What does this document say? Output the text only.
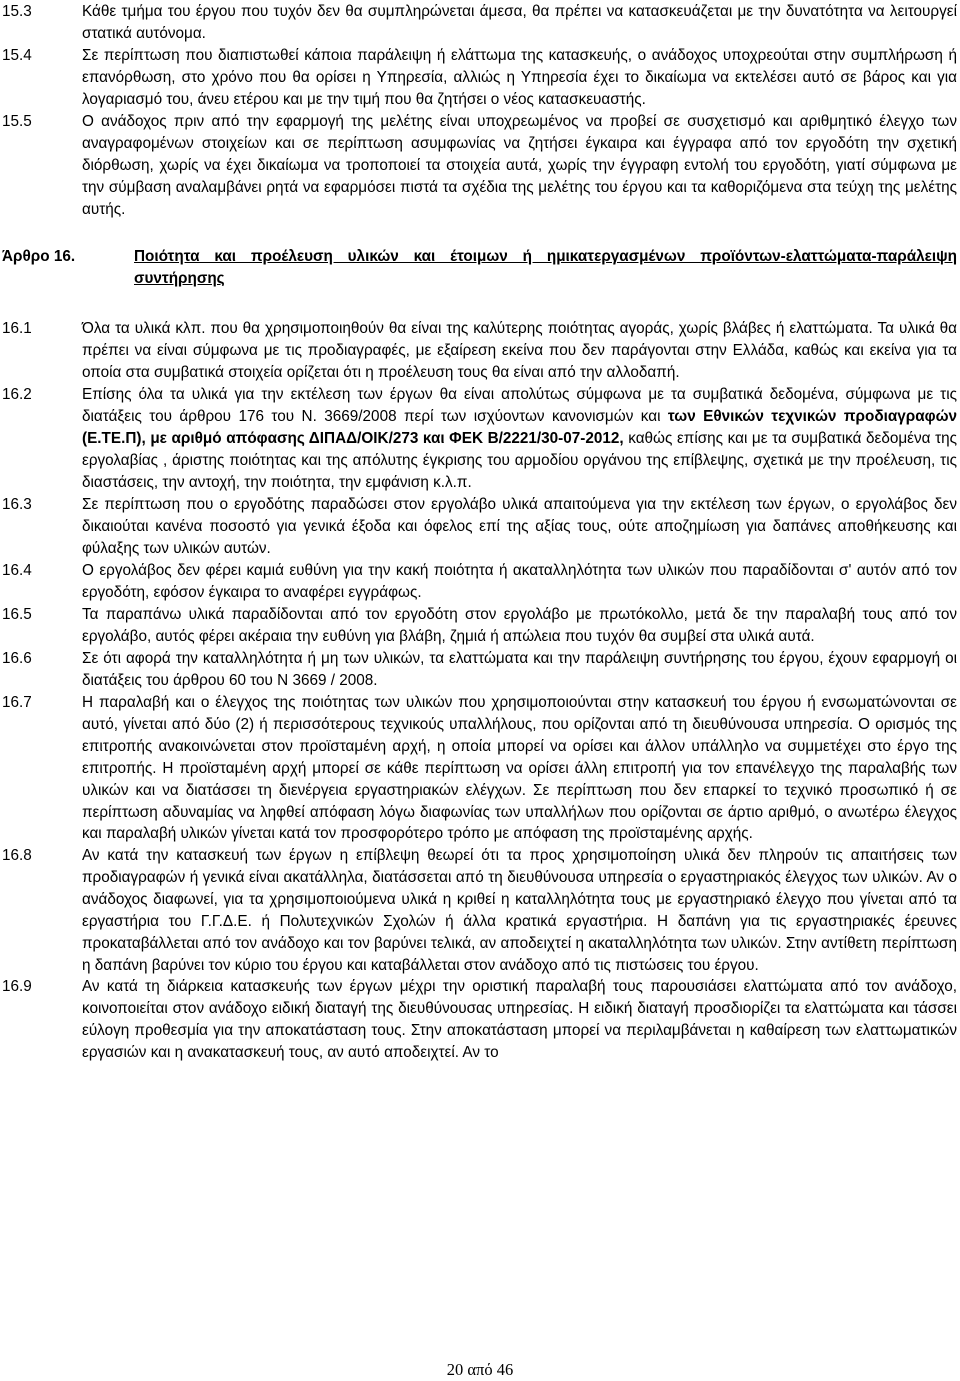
15.3	Κάθε τμήμα του έργου που τυχόν δεν θα συμπληρώνεται άμεσα, θα πρέπει να κατασκευάζεται με την δυνατότητα να λειτουργεί στατικά αυτόνομα.
15.4	Σε περίπτωση που διαπιστωθεί κάποια παράλειψη ή ελάττωμα της κατασκευής, ο ανάδοχος υποχρεούται στην συμπλήρωση ή επανόρθωση, στο χρόνο που θα ορίσει η Υπηρεσία, αλλιώς η Υπηρεσία έχει το δικαίωμα να εκτελέσει αυτό σε βάρος και για λογαριασμό του, άνευ ετέρου και με την τιμή που θα ζητήσει ο νέος κατασκευαστής.
15.5	Ο ανάδοχος πριν από την εφαρμογή της μελέτης είναι υποχρεωμένος να προβεί σε συσχετισμό και αριθμητικό έλεγχο των αναγραφομένων στοιχείων και σε περίπτωση ασυμφωνίας να ζητήσει έγκαιρα και έγγραφα από τον εργοδότη την σχετική διόρθωση, χωρίς να έχει δικαίωμα να τροποποιεί τα στοιχεία αυτά, χωρίς την έγγραφη εντολή του εργοδότη, γιατί σύμφωνα με την σύμβαση αναλαμβάνει ρητά να εφαρμόσει πιστά τα σχέδια της μελέτης του έργου και τα καθοριζόμενα στα τεύχη της μελέτης αυτής.
Άρθρο 16.	Ποιότητα και προέλευση υλικών και έτοιμων ή ημικατεργασμένων προϊόντων-ελαττώματα-παράλειψη συντήρησης
16.1	Όλα τα υλικά κλπ. που θα χρησιμοποιηθούν θα είναι της καλύτερης ποιότητας αγοράς, χωρίς βλάβες ή ελαττώματα. Τα υλικά θα πρέπει να είναι σύμφωνα με τις προδιαγραφές, με εξαίρεση εκείνα που δεν παράγονται στην Ελλάδα, καθώς και εκείνα για τα οποία στα συμβατικά στοιχεία ορίζεται ότι η προέλευση τους θα είναι από την αλλοδαπή.
16.2	Επίσης όλα τα υλικά για την εκτέλεση των έργων θα είναι απολύτως σύμφωνα με τα συμβατικά δεδομένα, σύμφωνα με τις διατάξεις του άρθρου 176 του Ν. 3669/2008 περί των ισχύοντων κανονισμών και των Εθνικών τεχνικών προδιαγραφών (Ε.ΤΕ.Π), με αριθμό απόφασης ΔΙΠΑΔ/ΟΙΚ/273 και ΦΕΚ Β/2221/30-07-2012, καθώς επίσης και με τα συμβατικά δεδομένα της εργολαβίας , άριστης ποιότητας και της απόλυτης έγκρισης του αρμοδίου οργάνου της επίβλεψης, σχετικά με την προέλευση, τις διαστάσεις, την αντοχή, την ποιότητα, την εμφάνιση κ.λ.π.
16.3	Σε περίπτωση που ο εργοδότης παραδώσει στον εργολάβο υλικά απαιτούμενα για την εκτέλεση των έργων, ο εργολάβος δεν δικαιούται κανένα ποσοστό για γενικά έξοδα και όφελος επί της αξίας τους, ούτε αποζημίωση για δαπάνες αποθήκευσης και φύλαξης των υλικών αυτών.
16.4	Ο εργολάβος δεν φέρει καμιά ευθύνη για την κακή ποιότητα ή ακαταλληλότητα των υλικών που παραδίδονται σ' αυτόν από τον εργοδότη, εφόσον έγκαιρα το αναφέρει εγγράφως.
16.5	Τα παραπάνω υλικά παραδίδονται από τον εργοδότη στον εργολάβο με πρωτόκολλο, μετά δε την παραλαβή τους από τον εργολάβο, αυτός φέρει ακέραια την ευθύνη για βλάβη, ζημιά ή απώλεια που τυχόν θα συμβεί στα υλικά αυτά.
16.6	Σε ότι αφορά την καταλληλότητα ή μη των υλικών, τα ελαττώματα και την παράλειψη συντήρησης του έργου, έχουν εφαρμογή οι διατάξεις του άρθρου 60 του Ν 3669 / 2008.
16.7	Η παραλαβή και ο έλεγχος της ποιότητας των υλικών που χρησιμοποιούνται στην κατασκευή του έργου ή ενσωματώνονται σε αυτό, γίνεται από δύο (2) ή περισσότερους τεχνικούς υπαλλήλους, που ορίζονται από τη διευθύνουσα υπηρεσία. Ο ορισμός της επιτροπής ανακοινώνεται στον προϊσταμένη αρχή, η οποία μπορεί να ορίσει και άλλον υπάλληλο να συμμετέχει στο έργο της επιτροπής. Η προϊσταμένη αρχή μπορεί σε κάθε περίπτωση να ορίσει άλλη επιτροπή για τον επανέλεγχο της παραλαβής των υλικών και να διατάσσει τη διενέργεια εργαστηριακών ελέγχων. Σε περίπτωση που δεν επαρκεί το τεχνικό προσωπικό ή σε περίπτωση αδυναμίας να ληφθεί απόφαση λόγω διαφωνίας των υπαλλήλων που ορίζονται σε άρτιο αριθμό, ο ανωτέρω έλεγχος και παραλαβή υλικών γίνεται κατά τον προσφορότερο τρόπο με απόφαση της προϊσταμένης αρχής.
16.8	Αν κατά την κατασκευή των έργων η επίβλεψη θεωρεί ότι τα προς χρησιμοποίηση υλικά δεν πληρούν τις απαιτήσεις των προδιαγραφών ή γενικά είναι ακατάλληλα, διατάσσεται από τη διευθύνουσα υπηρεσία ο εργαστηριακός έλεγχος των υλικών. Αν ο ανάδοχος διαφωνεί, για τα χρησιμοποιούμενα υλικά η κριθεί η καταλληλότητα τους με εργαστηριακό έλεγχο που γίνεται από τα εργαστήρια του Γ.Γ.Δ.Ε. ή Πολυτεχνικών Σχολών ή άλλα κρατικά εργαστήρια. Η δαπάνη για τις εργαστηριακές έρευνες προκαταβάλλεται από τον ανάδοχο και τον βαρύνει τελικά, αν αποδειχτεί η ακαταλληλότητα των υλικών. Στην αντίθετη περίπτωση η δαπάνη βαρύνει τον κύριο του έργου και καταβάλλεται στον ανάδοχο από τις πιστώσεις του έργου.
16.9	Αν κατά τη διάρκεια κατασκευής των έργων μέχρι την οριστική παραλαβή τους παρουσιάσει ελαττώματα από τον ανάδοχο, κοινοποιείται στον ανάδοχο ειδική διαταγή της διευθύνουσας υπηρεσίας. Η ειδική διαταγή προσδιορίζει τα ελαττώματα και τάσσει εύλογη προθεσμία για την αποκατάσταση τους. Στην αποκατάσταση μπορεί να περιλαμβάνεται η καθαίρεση των ελαττωματικών εργασιών και η ανακατασκευή τους, αν αυτό αποδειχτεί. Αν το
20 από 46
